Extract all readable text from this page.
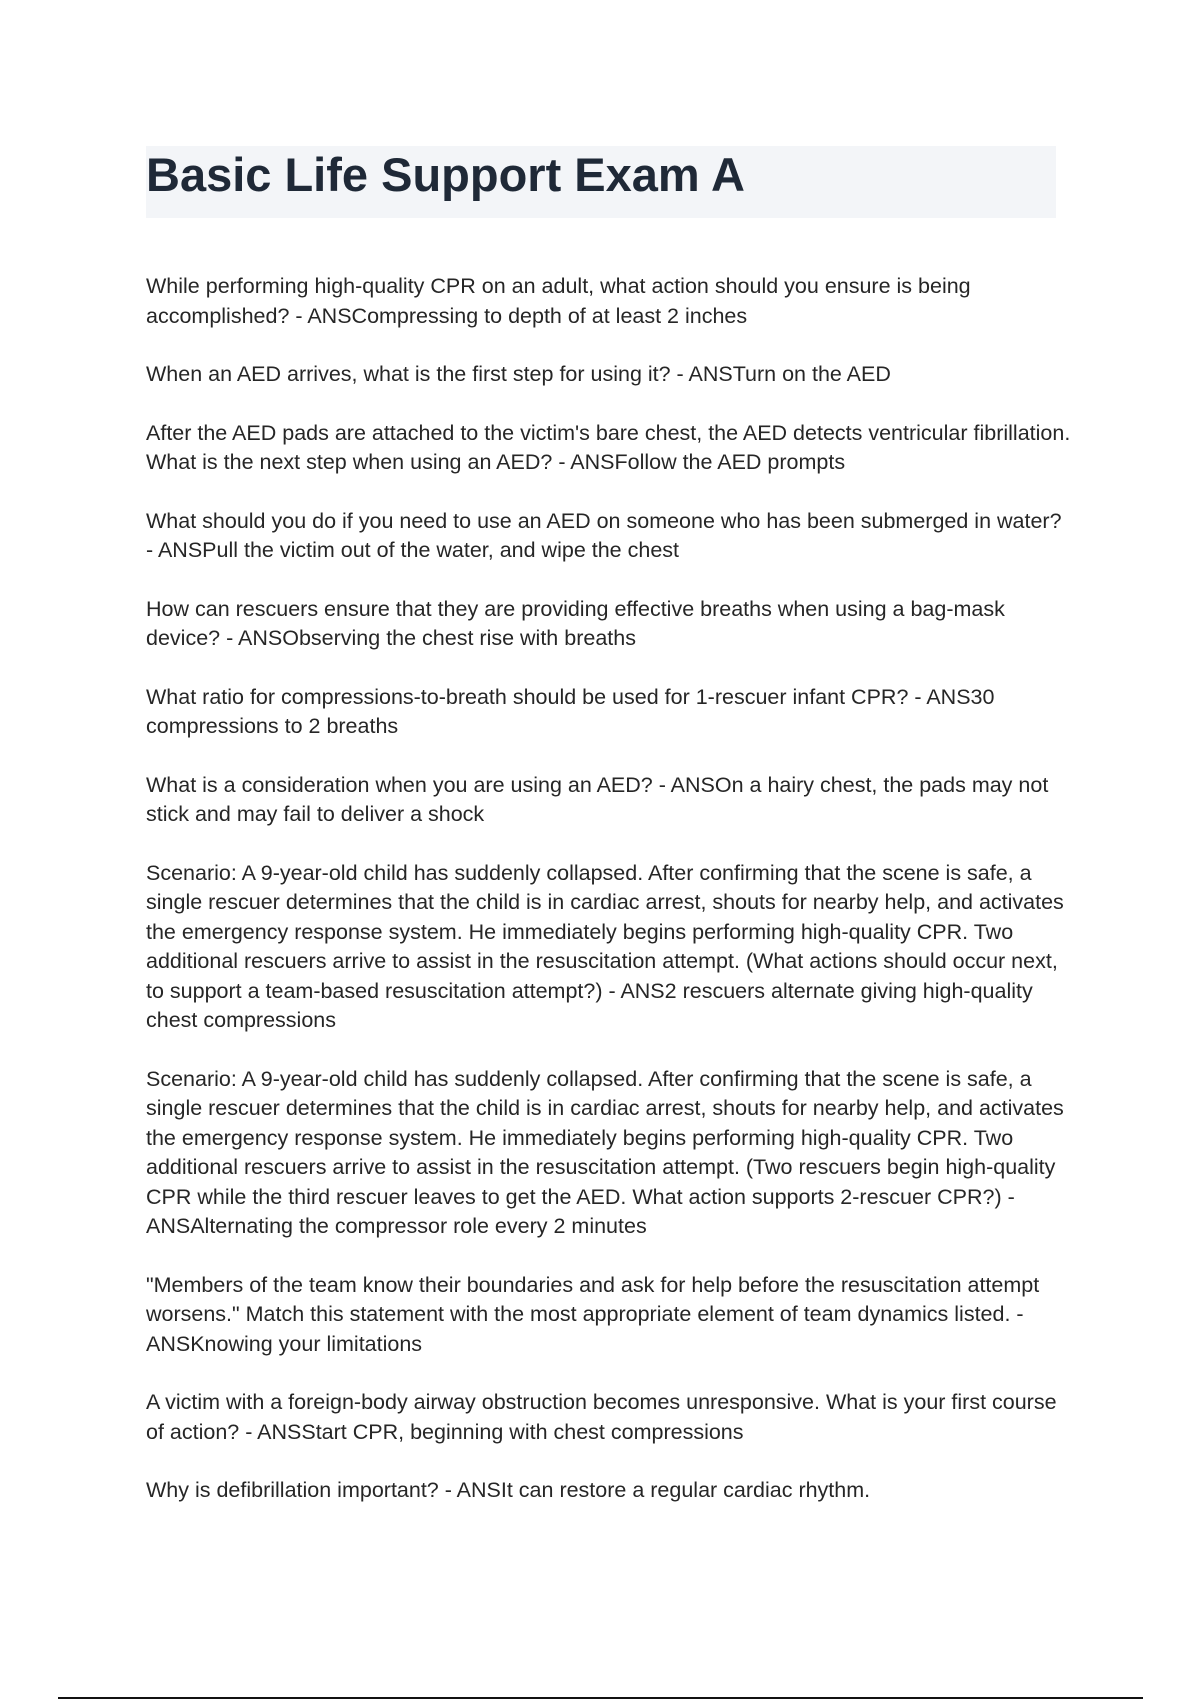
Basic Life Support Exam A

While performing high-quality CPR on an adult, what action should you ensure is being accomplished? - ANSCompressing to depth of at least 2 inches

When an AED arrives, what is the first step for using it? - ANSTurn on the AED

After the AED pads are attached to the victim's bare chest, the AED detects ventricular fibrillation. What is the next step when using an AED? - ANSFollow the AED prompts

What should you do if you need to use an AED on someone who has been submerged in water? - ANSPull the victim out of the water, and wipe the chest

How can rescuers ensure that they are providing effective breaths when using a bag-mask device? - ANSObserving the chest rise with breaths

What ratio for compressions-to-breath should be used for 1-rescuer infant CPR? - ANS30 compressions to 2 breaths

What is a consideration when you are using an AED? - ANSOn a hairy chest, the pads may not stick and may fail to deliver a shock

Scenario: A 9-year-old child has suddenly collapsed. After confirming that the scene is safe, a single rescuer determines that the child is in cardiac arrest, shouts for nearby help, and activates the emergency response system. He immediately begins performing high-quality CPR. Two additional rescuers arrive to assist in the resuscitation attempt. (What actions should occur next, to support a team-based resuscitation attempt?) - ANS2 rescuers alternate giving high-quality chest compressions

Scenario: A 9-year-old child has suddenly collapsed. After confirming that the scene is safe, a single rescuer determines that the child is in cardiac arrest, shouts for nearby help, and activates the emergency response system. He immediately begins performing high-quality CPR. Two additional rescuers arrive to assist in the resuscitation attempt. (Two rescuers begin high-quality CPR while the third rescuer leaves to get the AED. What action supports 2-rescuer CPR?) - ANSAlternating the compressor role every 2 minutes

"Members of the team know their boundaries and ask for help before the resuscitation attempt worsens." Match this statement with the most appropriate element of team dynamics listed. - ANSKnowing your limitations

A victim with a foreign-body airway obstruction becomes unresponsive. What is your first course of action? - ANSStart CPR, beginning with chest compressions

Why is defibrillation important? - ANSIt can restore a regular cardiac rhythm.
